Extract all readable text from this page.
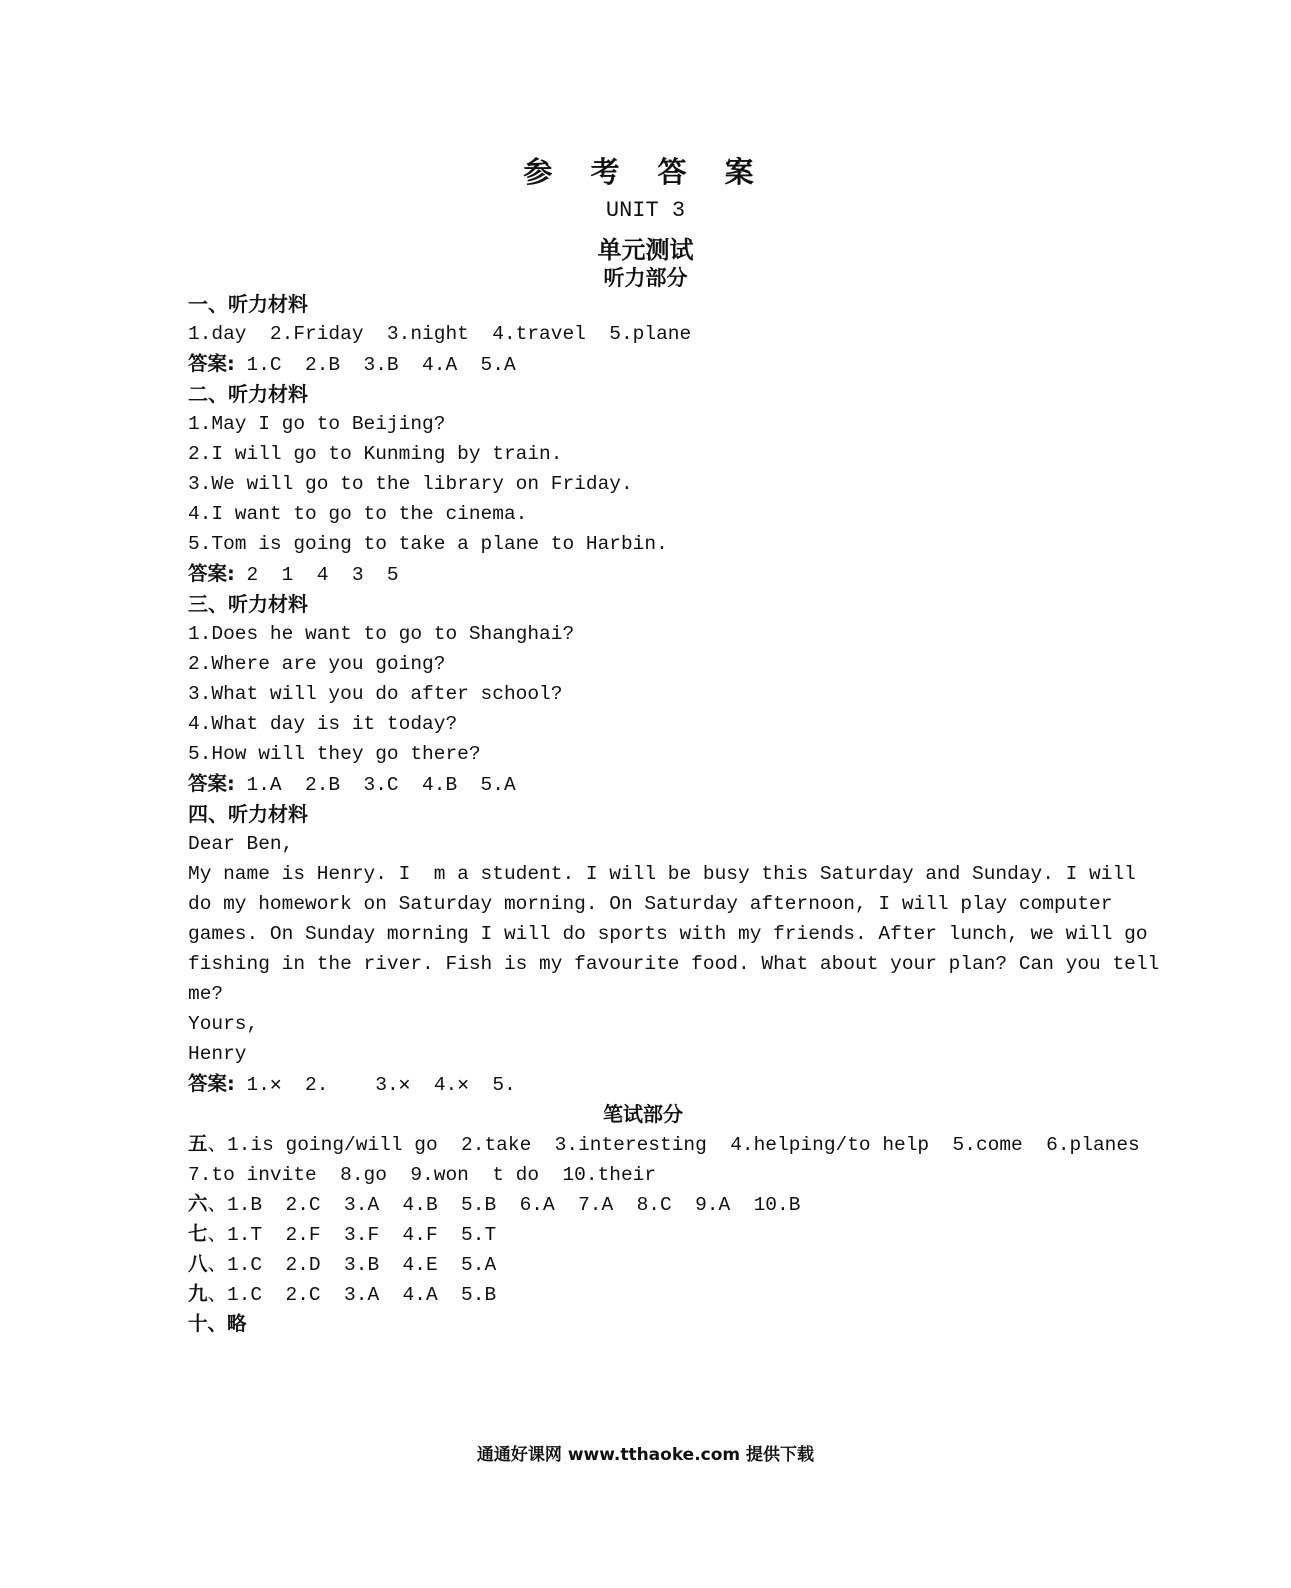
参 考 答 案
UNIT 3
单元测试
听力部分
一、听力材料
1.day  2.Friday  3.night  4.travel  5.plane
答案: 1.C  2.B  3.B  4.A  5.A
二、听力材料
1.May I go to Beijing?
2.I will go to Kunming by train.
3.We will go to the library on Friday.
4.I want to go to the cinema.
5.Tom is going to take a plane to Harbin.
答案: 2  1  4  3  5
三、听力材料
1.Does he want to go to Shanghai?
2.Where are you going?
3.What will you do after school?
4.What day is it today?
5.How will they go there?
答案: 1.A  2.B  3.C  4.B  5.A
四、听力材料
Dear Ben,
My name is Henry. I  m a student. I will be busy this Saturday and Sunday. I will
do my homework on Saturday morning. On Saturday afternoon, I will play computer
games. On Sunday morning I will do sports with my friends. After lunch, we will go
fishing in the river. Fish is my favourite food. What about your plan? Can you tell
me?
Yours,
Henry
答案: 1.✕  2.    3.✕  4.✕  5.
笔试部分
五、1.is going/will go  2.take  3.interesting  4.helping/to help  5.come  6.planes
7.to invite  8.go  9.won  t do  10.their
六、1.B  2.C  3.A  4.B  5.B  6.A  7.A  8.C  9.A  10.B
七、1.T  2.F  3.F  4.F  5.T
八、1.C  2.D  3.B  4.E  5.A
九、1.C  2.C  3.A  4.A  5.B
十、略
通通好课网 www.tthaoke.com 提供下载
